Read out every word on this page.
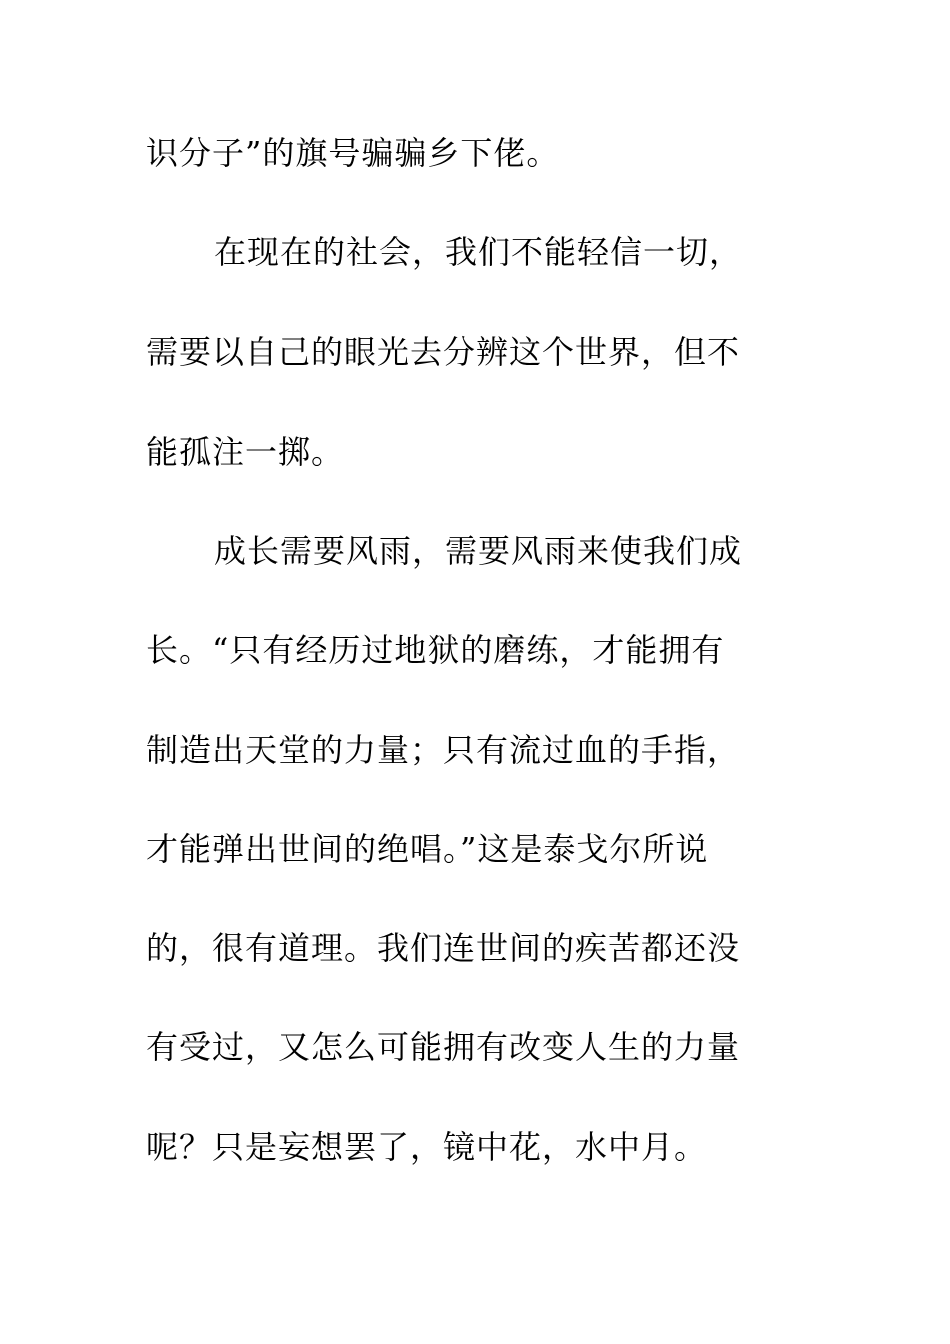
识分子”的旗号骗骗乡下佬。
在现在的社会，我们不能轻信一切，
需要以自己的眼光去分辨这个世界，但不
能孤注一掷。
成长需要风雨，需要风雨来使我们成
长。“只有经历过地狱的磨练，才能拥有
制造出天堂的力量；只有流过血的手指，
才能弹出世间的绝唱。”这是泰戈尔所说
的，很有道理。我们连世间的疾苦都还没
有受过，又怎么可能拥有改变人生的力量
呢？只是妄想罢了，镜中花，水中月。
